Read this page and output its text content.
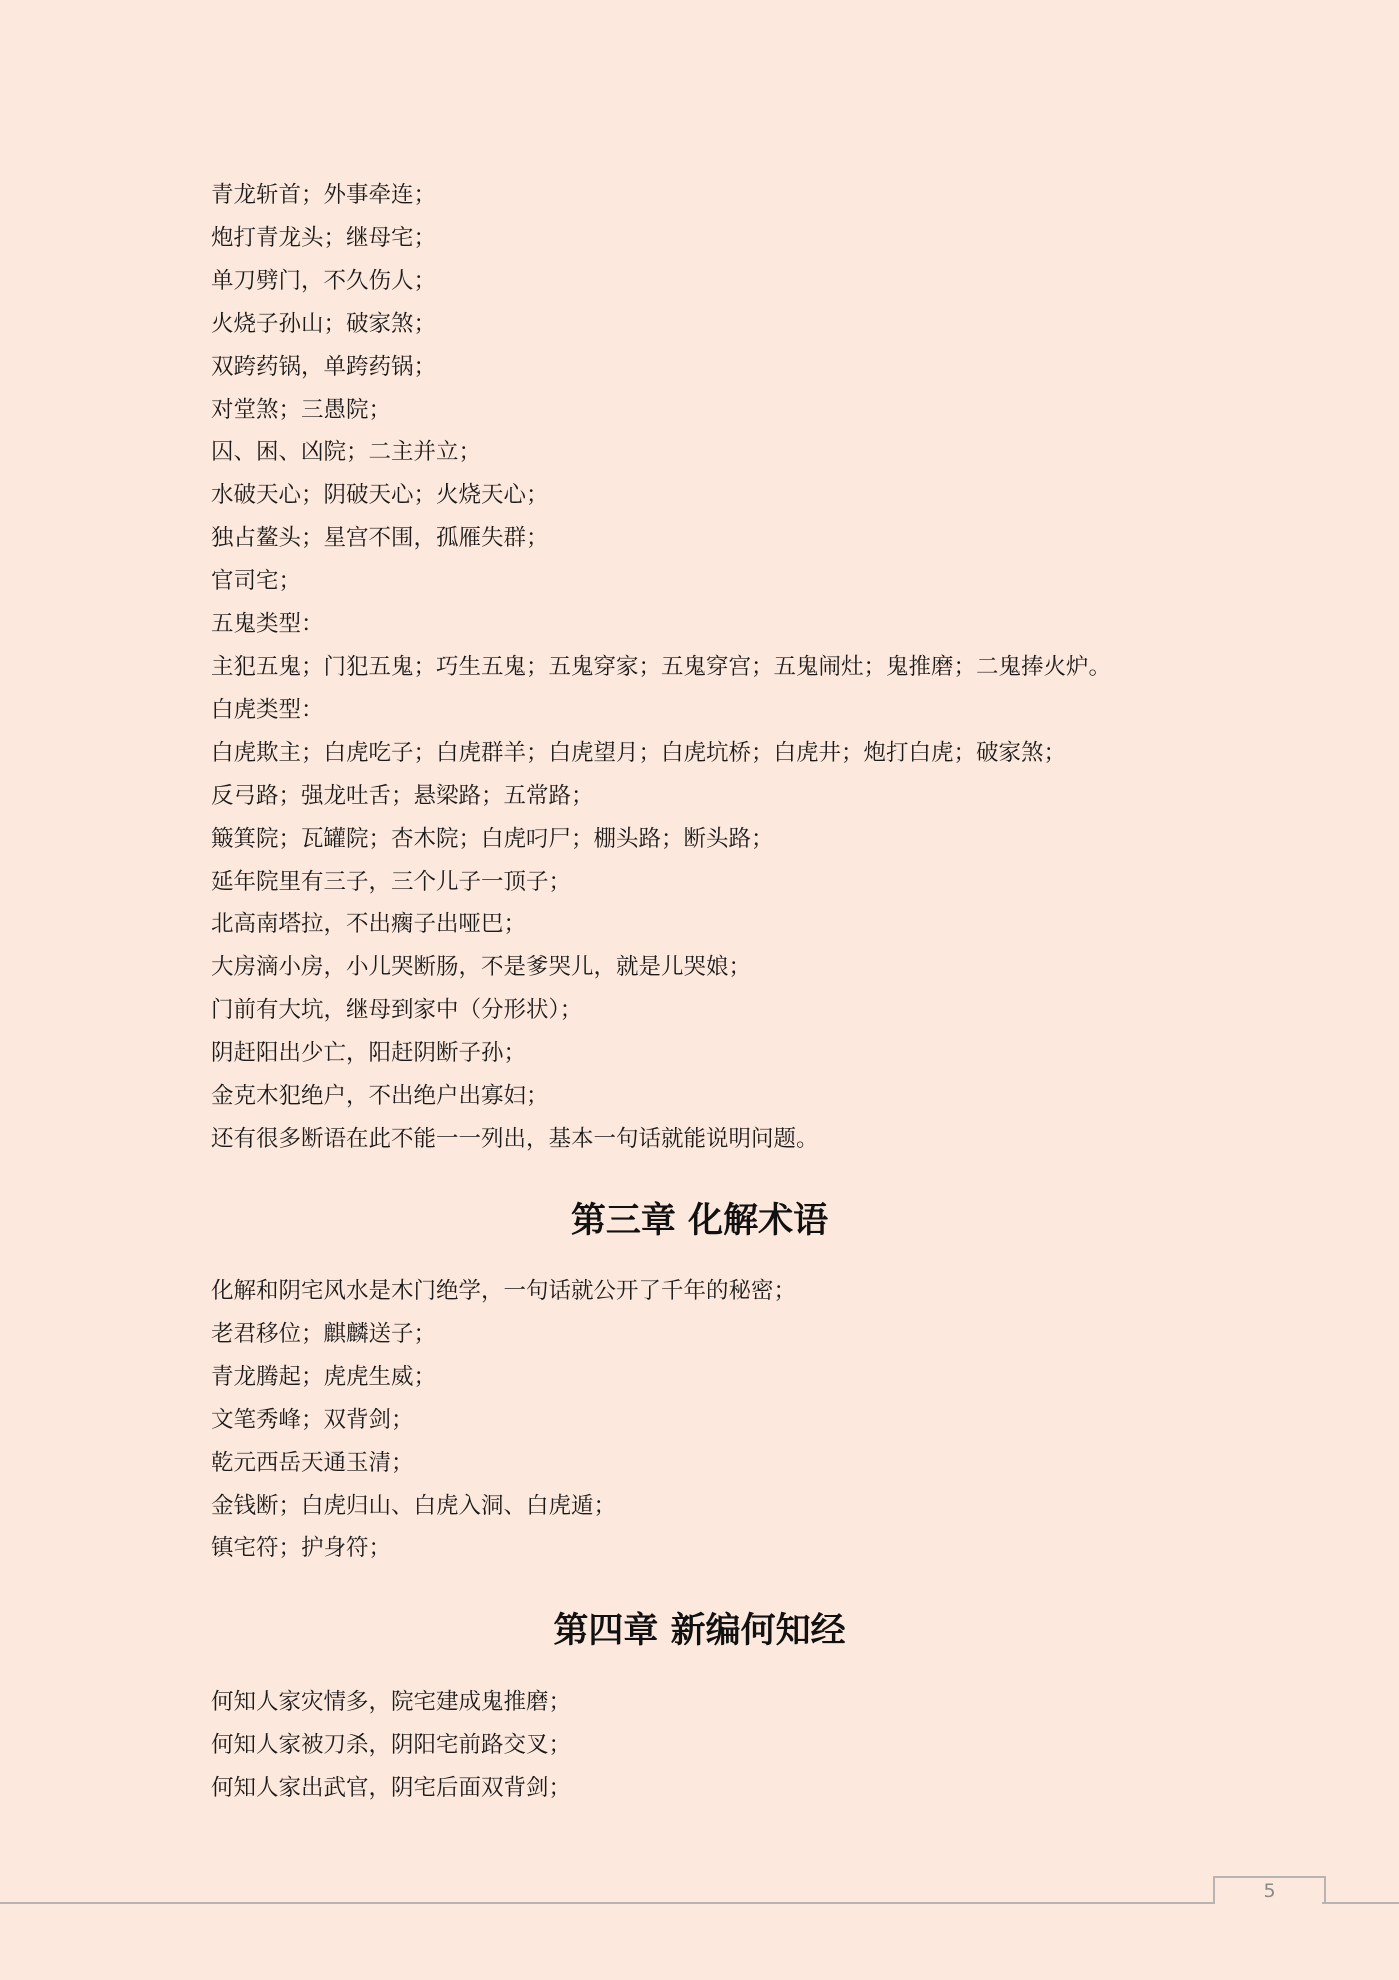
青龙斩首；外事牵连；

炮打青龙头；继母宅；

单刀劈门，不久伤人；

火烧子孙山；破家煞；

双跨药锅，单跨药锅；

对堂煞；三愚院；

囚、困、凶院；二主并立；

水破天心；阴破天心；火烧天心；

独占鳌头；星宫不围，孤雁失群；

官司宅；

五鬼类型：

主犯五鬼；门犯五鬼；巧生五鬼；五鬼穿家；五鬼穿宫；五鬼闹灶；鬼推磨；二鬼捧火炉。

白虎类型：

白虎欺主；白虎吃子；白虎群羊；白虎望月；白虎坑桥；白虎井；炮打白虎；破家煞；

反弓路；强龙吐舌；悬梁路；五常路；

簸箕院；瓦罐院；杏木院；白虎叼尸；棚头路；断头路；

延年院里有三子，三个儿子一顶子；

北高南塔拉，不出瘸子出哑巴；

大房滴小房，小儿哭断肠，不是爹哭儿，就是儿哭娘；

门前有大坑，继母到家中（分形状）；

阴赶阳出少亡，阳赶阴断子孙；

金克木犯绝户，不出绝户出寡妇；

还有很多断语在此不能一一列出，基本一句话就能说明问题。

第三章 化解术语

化解和阴宅风水是木门绝学，一句话就公开了千年的秘密；

老君移位；麒麟送子；

青龙腾起；虎虎生威；

文笔秀峰；双背剑；

乾元西岳天通玉清；

金钱断；白虎归山、白虎入洞、白虎遁；

镇宅符；护身符；

第四章 新编何知经

何知人家灾情多，院宅建成鬼推磨；

何知人家被刀杀，阴阳宅前路交叉；

何知人家出武官，阴宅后面双背剑；

5
